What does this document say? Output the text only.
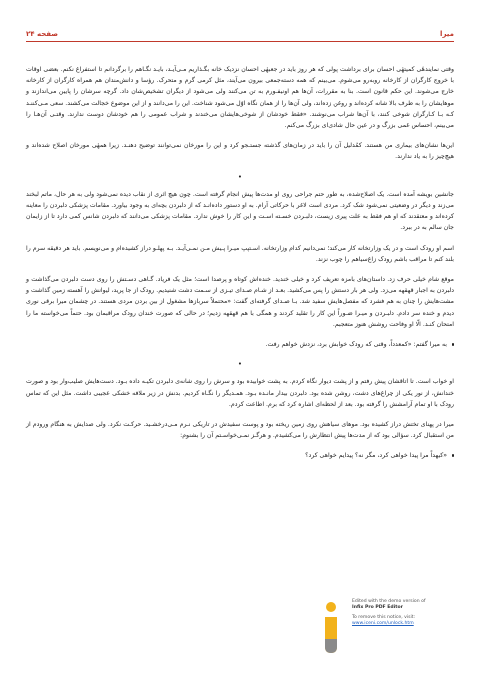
میرا
صفحه ۲۴

وقتی نمایندهٔی کمیتهٔی احسان برای برداشت پولی که هر روز باید در جعبهٔی احسان نزدیک خانه بگـذاریم مـی‌آیـد، بایـد نگـاهم را برگردانم تا استفراغ نکنم. بعضی اوقات با خروج کارگران از کارخانه روبه‌رو می‌شوم. می‌بینم که همه دسته‌جمعی بیرون می‌آیند، مثل کرمی گرم و متحرک. رؤسا و دانش‌مندان هم همراه کارگران از کارخانه خارج می‌شوند. این حکم قانون است. بنا به مقررات، آن‌ها هم اونیفـورم به تن می‌کنند ولی می‌شود از دیگران تشخیص‌شان داد. گرچه سرشان را پایین می‌اندازند و موهایشان را به طرف بالا شانه کرده‌اند و روغن زده‌اند، ولی آن‌ها را از همان نگاه اوّل می‌شود شناخت. این را می‌دانند و از این موضوع خجالت می‌کشند. سعی مـی‌کننـد کـه بـا کـارگران شوخی کنند، با آن‌ها شراب می‌نوشند. «فقط خودشان از شوخی‌هایشان می‌خندند و شراب عمومی را هم خودشان دوست ندارند. وقتـی آن‌هـا را می‌بینم، احساس غمی بزرگ و در عین حال شادی‌ای بزرگ می‌کنم.

این‌ها نشان‌های بیماری من هستند. کمُدلیل آن را باید در زمان‌های گذشته جستـجو کرد و این را مورخان نمی‌توانند توضیح دهنـد. زیرا همهٔی مورخان اصلاح شده‌اند و هیچ‌چیز را به یاد ندارند.

•

جانشین بویشه آمده است. یک اصلاح‌شده، به طور حتم جراحی روی او مدت‌ها پیش انجام گرفته است. چون هیچ اثری از نقاب دیده نمی‌شود ولی به هر حال، ماتم لبخند می‌زند و دیگر در وضعیتی نمی‌شود شک کرد. مردی است لاغر با حرکاتی آرام. به او دستور داده‌انـد که از دلبردن بچه‌ای به وجود بیاورد. مقامات پزشکی دلبردن را معاینه کرده‌اند و معتقدند که او هم فقط به علت پیری زیست، دلبـردن خسـته اسـت و این کار را خوش ندارد. مقامات پزشکی می‌دانند که دلبردن شانس کمی دارد تا از زایمان جان سالم به در ببرد.

اسم او رودک است و در یک وزارتخانه کار می‌کند؛ نمی‌دانیم کدام وزارتخانه. اسـتپپ میـرا پـیش مـن نمـی‌آیـد. بـه پهلـو دراز کشیده‌ام و می‌نویسم. باید هر دقیقه سرم را بلند کنم تا مراقب باشم رودک زاغ‌سیاهم را چوب نزند.

موقع شام خیلی حرف زد. داستان‌های بامزه تعریف کرد و خیلی خندید. خنده‌اش کوتاه و پرصدا است؛ مثل یک فریاد. گـاهی دسـتش را روی دست دلبردن می‌گذاشت و دلبردن به اجبار قهقهه می‌زد. ولی هر بار دستش را پس می‌کشید. بعـد از شـام صـدای تیـزی از سـمت دشت شنیدیم. رودک از جا پرید، لیوانش را آهسته زمین گذاشت و مشت‌هایش را چنان به هم فشرد که مفصل‌هایش سفید شد. بـا صـدای گرفته‌ای گفت: «محتملاً سربازها مشغول از بین بردن مردی هستند. در چشمان میرا برقی نوری دیدم و خنده سر دادم. دلبـردن و میـرا ضـوراً این کار را تقلید کردند و همگی با هم قهقهه زدیم؛ در حالی که صورت خندان رودک مراقبمان بود. حتماً می‌خواسته ما را امتحان کنـد. الّا او وفاحت روشش هنوز متعجبم.

به میرا گفتم: «کمعدداً، وقتی که رودک خوابش برد، نزدش خواهم رفت.

•

او خواب است. تا اتاقشان پیش رفتم و از پشت دیوار نگاه کردم. به پشت خوابیده بود و سرش را روی شانه‌ی دلبردن تکیـه داده بـود. دست‌هایش صلیب‌وار بود و صورت خندانش، از نور یکی از چراغ‌های دشت، روشن شده بود. دلبردن بیدار مانـده بـود. همـدیگر را نگـاه کردیم. بدنش در زیر ملافه خشکی عجیبی داشت. مثل این که تماس رودک با او تمام آرامشش را گرفته بود. بعد از لحظه‌ای اشاره کرد که برم. اطاعت کردم.

میرا در پهنای تختش دراز کشیده بود. موهای سیاهش روی زمین ریخته بود و پوست سفیدش در تاریکی نـرم مـی‌درخشـید. حرکـت نکرد. ولی صدایش به هنگام ورودم از من استقبال کرد. سؤالی بود که از مدت‌ها پیش انتظارش را می‌کشیدم. و هرگـز نمـی‌خواسـتم آن را بشنوم:

«کیهداً مرا پیدا خواهی کرد، مگر نه؟ پیدایم خواهی کرد؟

Edited with the demo version of
Infix Pro PDF Editor
To remove this notice, visit:
www.iceni.com/unlock.htm
